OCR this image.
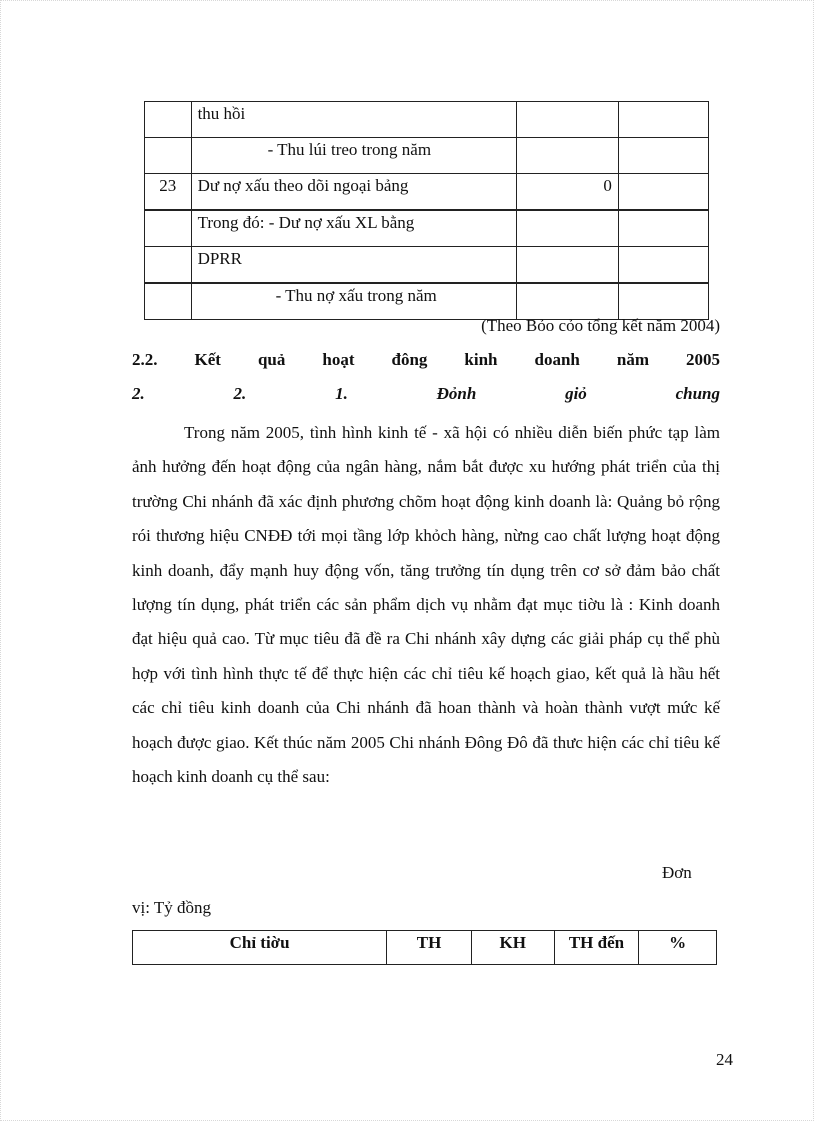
	thu hồi		
	- Thu lúi treo trong năm		
23	Dư nợ xấu theo dõi ngoại bảng	0	
	Trong đó: - Dư nợ xấu XL bằng		
	DPRR		
	- Thu nợ xấu trong năm		
(Theo Bỏo cỏo tổng kết năm 2004)
2.2. Kết quả hoạt đông kinh doanh năm 2005
2.	2.	1.	Đỏnh	giỏ	chung

Trong năm 2005, tình hình kinh tế - xã hội có nhiều diễn biến phức tạp làm ảnh hưởng đến hoạt động của ngân hàng, nắm bắt được xu hướng phát triển của thị trường Chi nhánh đã xác định phương chõm hoạt động kinh doanh là: Quảng bỏ rộng rói thương hiệu CNĐĐ tới mọi tầng lớp khỏch hàng, nừng cao chất lượng hoạt động kinh doanh, đẩy mạnh huy động vốn, tăng trưởng tín dụng trên cơ sở đảm bảo chất lượng tín dụng, phát triển các sản phẩm dịch vụ nhằm đạt mục tiờu là : Kinh doanh đạt hiệu quả cao. Từ mục tiêu đã đề ra Chi nhánh xây dựng các giải pháp cụ thể phù hợp với tình hình thực tế để thực hiện các chỉ tiêu kế hoạch giao, kết quả là hầu hết các chỉ tiêu kinh doanh của Chi nhánh đã hoan thành và hoàn thành vượt mức kế hoạch được giao. Kết thúc năm 2005 Chi nhánh Đông Đô đã thưc hiện các chỉ tiêu kế hoạch kinh doanh cụ thể sau:

Đơn
vị: Tỷ đồng
Chỉ tiờu	TH	KH	TH đến	%
24
